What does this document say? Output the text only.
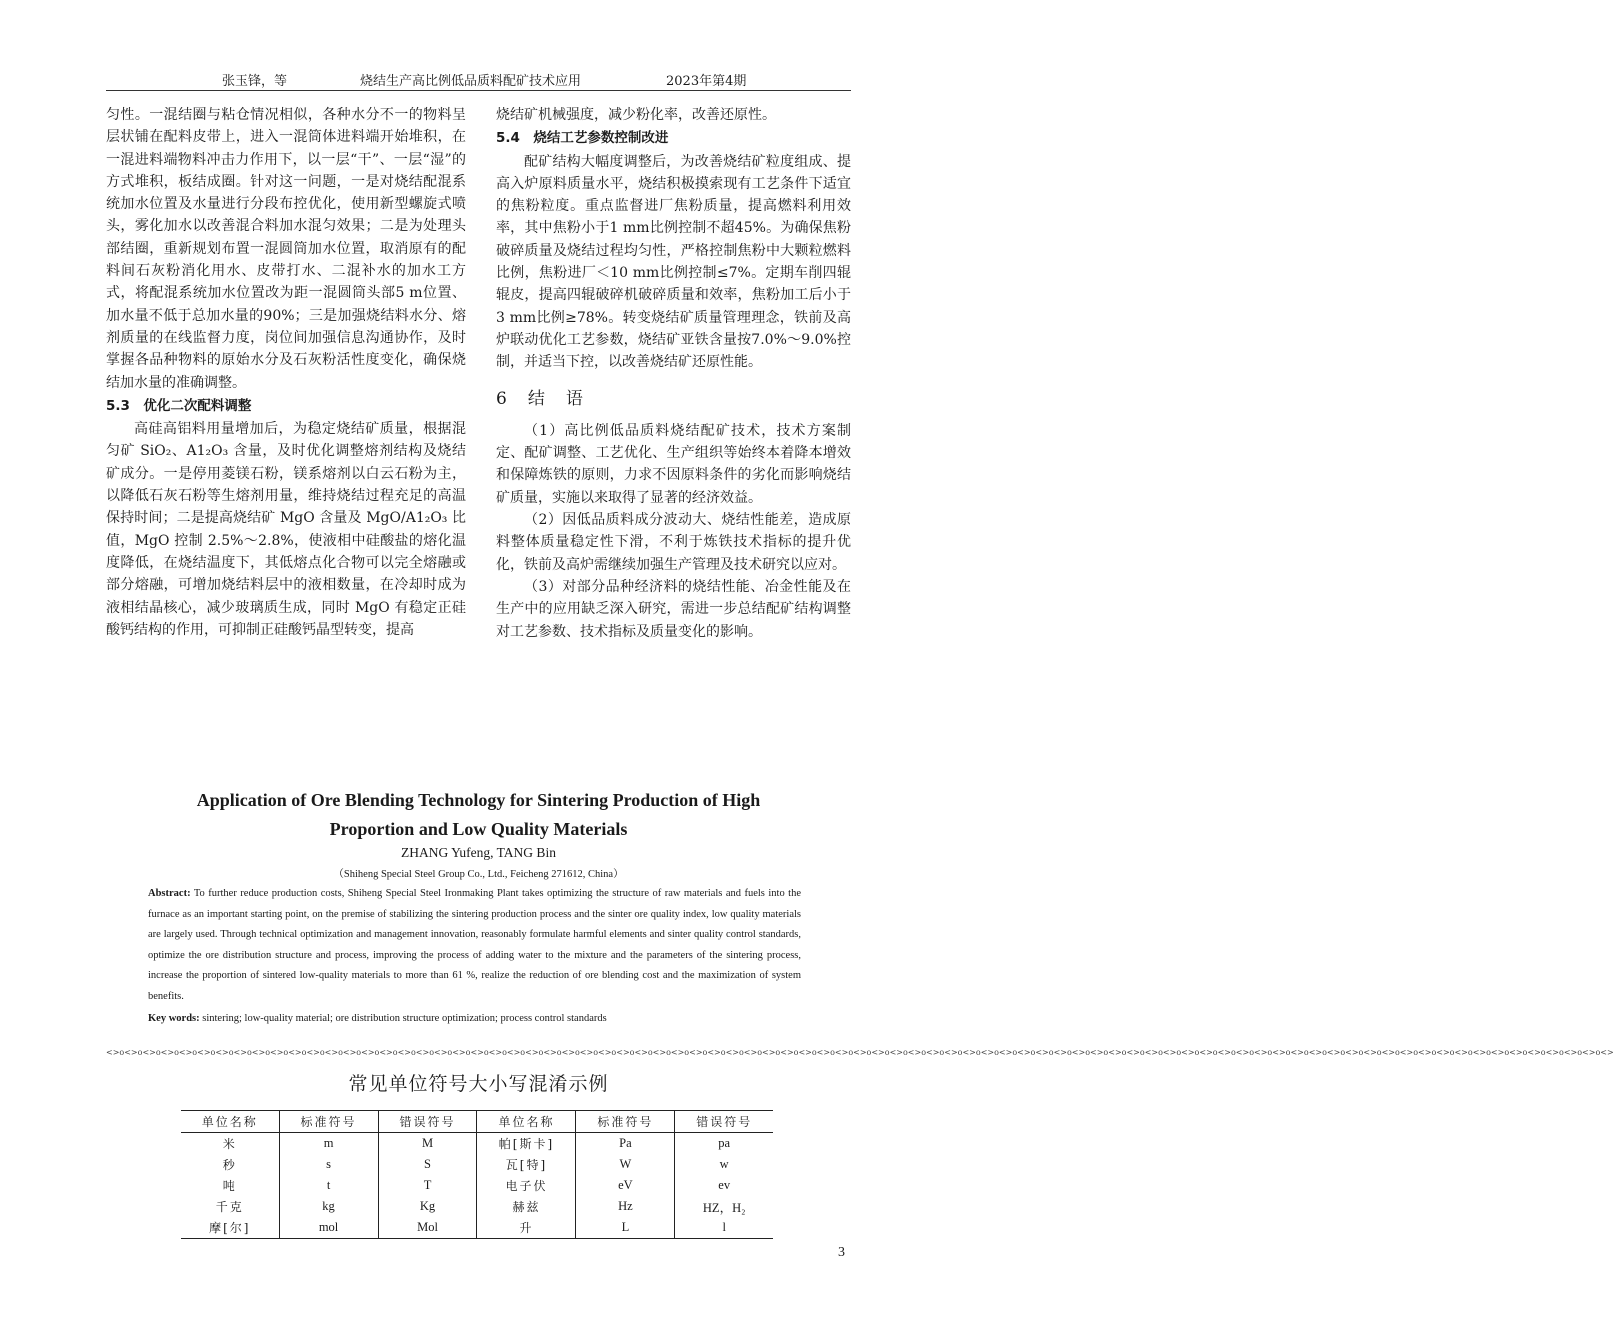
张玉锋，等	烧结生产高比例低品质料配矿技术应用	2023年第4期

匀性。一混结圈与粘仓情况相似，各种水分不一的物料呈层状铺在配料皮带上，进入一混筒体进料端开始堆积，在一混进料端物料冲击力作用下，以一层“干”、一层“湿”的方式堆积，板结成圈。针对这一问题，一是对烧结配混系统加水位置及水量进行分段布控优化，使用新型螺旋式喷头，雾化加水以改善混合料加水混匀效果；二是为处理头部结圈，重新规划布置一混圆筒加水位置，取消原有的配料间石灰粉消化用水、皮带打水、二混补水的加水工方式，将配混系统加水位置改为距一混圆筒头部5 m位置、加水量不低于总加水量的90%；三是加强烧结料水分、熔剂质量的在线监督力度，岗位间加强信息沟通协作，及时掌握各品种物料的原始水分及石灰粉活性度变化，确保烧结加水量的准确调整。

5.3　优化二次配料调整

高硅高铝料用量增加后，为稳定烧结矿质量，根据混匀矿 SiO₂、A1₂O₃ 含量，及时优化调整熔剂结构及烧结矿成分。一是停用菱镁石粉，镁系熔剂以白云石粉为主，以降低石灰石粉等生熔剂用量，维持烧结过程充足的高温保持时间；二是提高烧结矿 MgO 含量及 MgO/A1₂O₃ 比值，MgO 控制 2.5%～2.8%，使液相中硅酸盐的熔化温度降低，在烧结温度下，其低熔点化合物可以完全熔融或部分熔融，可增加烧结料层中的液相数量，在冷却时成为液相结晶核心，减少玻璃质生成，同时 MgO 有稳定正硅酸钙结构的作用，可抑制正硅酸钙晶型转变，提高

烧结矿机械强度，减少粉化率，改善还原性。

5.4　烧结工艺参数控制改进

配矿结构大幅度调整后，为改善烧结矿粒度组成、提高入炉原料质量水平，烧结积极摸索现有工艺条件下适宜的焦粉粒度。重点监督进厂焦粉质量，提高燃料利用效率，其中焦粉小于1 mm比例控制不超45%。为确保焦粉破碎质量及烧结过程均匀性，严格控制焦粉中大颗粒燃料比例，焦粉进厂＜10 mm比例控制≤7%。定期车削四辊辊皮，提高四辊破碎机破碎质量和效率，焦粉加工后小于3 mm比例≥78%。转变烧结矿质量管理理念，铁前及高炉联动优化工艺参数，烧结矿亚铁含量按7.0%～9.0%控制，并适当下控，以改善烧结矿还原性能。

6　结　语

（1）高比例低品质料烧结配矿技术，技术方案制定、配矿调整、工艺优化、生产组织等始终本着降本增效和保障炼铁的原则，力求不因原料条件的劣化而影响烧结矿质量，实施以来取得了显著的经济效益。

（2）因低品质料成分波动大、烧结性能差，造成原料整体质量稳定性下滑，不利于炼铁技术指标的提升优化，铁前及高炉需继续加强生产管理及技术研究以应对。

（3）对部分品种经济料的烧结性能、冶金性能及在生产中的应用缺乏深入研究，需进一步总结配矿结构调整对工艺参数、技术指标及质量变化的影响。

Application of Ore Blending Technology for Sintering Production of High
Proportion and Low Quality Materials
ZHANG Yufeng, TANG Bin
（Shiheng Special Steel Group Co., Ltd., Feicheng 271612, China）
Abstract: To further reduce production costs, Shiheng Special Steel Ironmaking Plant takes optimizing the structure of raw materials and fuels into the furnace as an important starting point, on the premise of stabilizing the sintering production process and the sinter ore quality index, low quality materials are largely used. Through technical optimization and management innovation, reasonably formulate harmful elements and sinter quality control standards, optimize the ore distribution structure and process, improving the process of adding water to the mixture and the parameters of the sintering process, increase the proportion of sintered low-quality materials to more than 61 %, realize the reduction of ore blending cost and the maximization of system benefits.
Key words: sintering; low-quality material; ore distribution structure optimization; process control standards
<>o<>o<>o<>o<>o<>o<>o<>o<>o<>o<>o<>o<>o<>o<>o<>o<>o<>o<>o<>o<>o<>o<>o<>o<>o<>o<>o<>o<>o<>o<>o<>o<>o<>o<>o<>o<>o<>o<>o<>o<>o<>o<>o<>o<>o<>o<>o<>o<>o<>o<>o<>o<>o<>o<>o<>o<>o<>o<>o<>o<>o<>o<>o<>o<>o<>o<>o<>o<>o<>o<>o<>o<>o<>o<>o<>o<>o<>o<>o<>o<>o<>o<>
常见单位符号大小写混淆示例
单位名称	标准符号	错误符号	单位名称	标准符号	错误符号
米	m	M	帕[斯卡]	Pa	pa
秒	s	S	瓦[特]	W	w
吨	t	T	电子伏	eV	ev
千克	kg	Kg	赫兹	Hz	HZ，H₂
摩[尔]	mol	Mol	升	L	l
3
